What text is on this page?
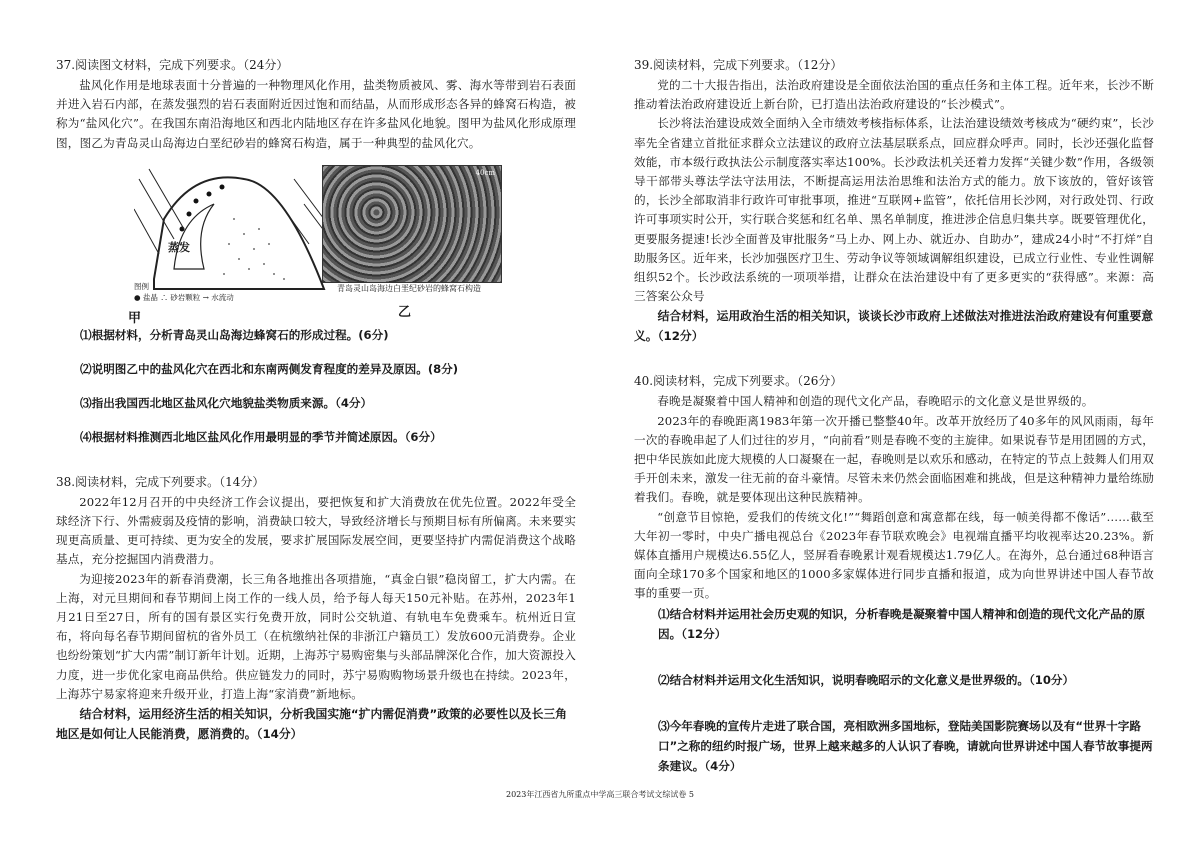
37.阅读图文材料，完成下列要求。（24分）

盐风化作用是地球表面十分普遍的一种物理风化作用，盐类物质被风、雾、海水等带到岩石表面并进入岩石内部，在蒸发强烈的岩石表面附近因过饱和而结晶，从而形成形态各异的蜂窝石构造，被称为“盐风化穴”。在我国东南沿海地区和西北内陆地区存在许多盐风化地貌。图甲为盐风化形成原理图，图乙为青岛灵山岛海边白垩纪砂岩的蜂窝石构造，属于一种典型的盐风化穴。

蒸发
图例
● 盐晶 ∴ 砂岩颗粒 → 水流动
40cm
甲
青岛灵山岛海边白垩纪砂岩的蜂窝石构造
乙

⑴根据材料，分析青岛灵山岛海边蜂窝石的形成过程。(6分)

⑵说明图乙中的盐风化穴在西北和东南两侧发育程度的差异及原因。(8分)

⑶指出我国西北地区盐风化穴地貌盐类物质来源。（4分）

⑷根据材料推测西北地区盐风化作用最明显的季节并简述原因。（6分）

38.阅读材料，完成下列要求。（14分）

2022年12月召开的中央经济工作会议提出，要把恢复和扩大消费放在优先位置。2022年受全球经济下行、外需疲弱及疫情的影响，消费缺口较大，导致经济增长与预期目标有所偏离。未来要实现更高质量、更可持续、更为安全的发展，要求扩展国际发展空间，更要坚持扩内需促消费这个战略基点，充分挖掘国内消费潜力。

为迎接2023年的新春消费潮，长三角各地推出各项措施，“真金白银”稳岗留工，扩大内需。在上海，对元旦期间和春节期间上岗工作的一线人员，给予每人每天150元补贴。在苏州，2023年1月21日至27日，所有的国有景区实行免费开放，同时公交轨道、有轨电车免费乘车。杭州近日宣布，将向每名春节期间留杭的省外员工（在杭缴纳社保的非浙江户籍员工）发放600元消费券。企业也纷纷策划“扩大内需”制订新年计划。近期，上海苏宁易购密集与头部品牌深化合作，加大资源投入力度，进一步优化家电商品供给。供应链发力的同时，苏宁易购购物场景升级也在持续。2023年，上海苏宁易家将迎来升级开业，打造上海“家消费”新地标。

结合材料，运用经济生活的相关知识，分析我国实施“扩内需促消费”政策的必要性以及长三角地区是如何让人民能消费，愿消费的。（14分）

39.阅读材料，完成下列要求。（12分）

党的二十大报告指出，法治政府建设是全面依法治国的重点任务和主体工程。近年来，长沙不断推动着法治政府建设近上新台阶，已打造出法治政府建设的“长沙模式”。

长沙将法治建设成效全面纳入全市绩效考核指标体系，让法治建设绩效考核成为“硬约束”，长沙率先全省建立首批征求群众立法建议的政府立法基层联系点，回应群众呼声。同时，长沙还强化监督效能，市本级行政执法公示制度落实率达100%。长沙政法机关还着力发挥“关键少数”作用，各级领导干部带头尊法学法守法用法，不断提高运用法治思维和法治方式的能力。放下该放的，管好该管的，长沙全部取消非行政许可审批事项，推进“互联网+监管”，依托信用长沙网，对行政处罚、行政许可事项实时公开，实行联合奖惩和红名单、黑名单制度，推进涉企信息归集共享。既要管理优化，更要服务提速!长沙全面普及审批服务“马上办、网上办、就近办、自助办”，建成24小时“不打烊”自助服务区。近年来，长沙加强医疗卫生、劳动争议等领域调解组织建设，已成立行业性、专业性调解组织52个。长沙政法系统的一项项举措，让群众在法治建设中有了更多更实的“获得感”。来源：高三答案公众号

结合材料，运用政治生活的相关知识，谈谈长沙市政府上述做法对推进法治政府建设有何重要意义。（12分）

40.阅读材料，完成下列要求。（26分）

春晚是凝聚着中国人精神和创造的现代文化产品，春晚昭示的文化意义是世界级的。

2023年的春晚距离1983年第一次开播已整整40年。改革开放经历了40多年的风风雨雨，每年一次的春晚串起了人们过往的岁月，“向前看”则是春晚不变的主旋律。如果说春节是用团圆的方式，把中华民族如此庞大规模的人口凝聚在一起，春晚则是以欢乐和感动，在特定的节点上鼓舞人们用双手开创未来，激发一往无前的奋斗豪情。尽管未来仍然会面临困难和挑战，但是这种精神力量给练励着我们。春晚，就是要体现出这种民族精神。

“创意节目惊艳，爱我们的传统文化!”“舞蹈创意和寓意都在线，每一帧美得都不像话”……截至大年初一零时，中央广播电视总台《2023年春节联欢晚会》电视端直播平均收视率达20.23%。新媒体直播用户规模达6.55亿人，竖屏看春晚累计观看规模达1.79亿人。在海外，总台通过68种语言面向全球170多个国家和地区的1000多家媒体进行同步直播和报道，成为向世界讲述中国人春节故事的重要一页。

⑴结合材料并运用社会历史观的知识，分析春晚是凝聚着中国人精神和创造的现代文化产品的原因。（12分）

⑵结合材料并运用文化生活知识，说明春晚昭示的文化意义是世界级的。（10分）

⑶今年春晚的宣传片走进了联合国，亮相欧洲多国地标，登陆美国影院赛场以及有“世界十字路口”之称的纽约时报广场，世界上越来越多的人认识了春晚，请就向世界讲述中国人春节故事提两条建议。（4分）

2023年江西省九所重点中学高三联合考试文综试卷 5
